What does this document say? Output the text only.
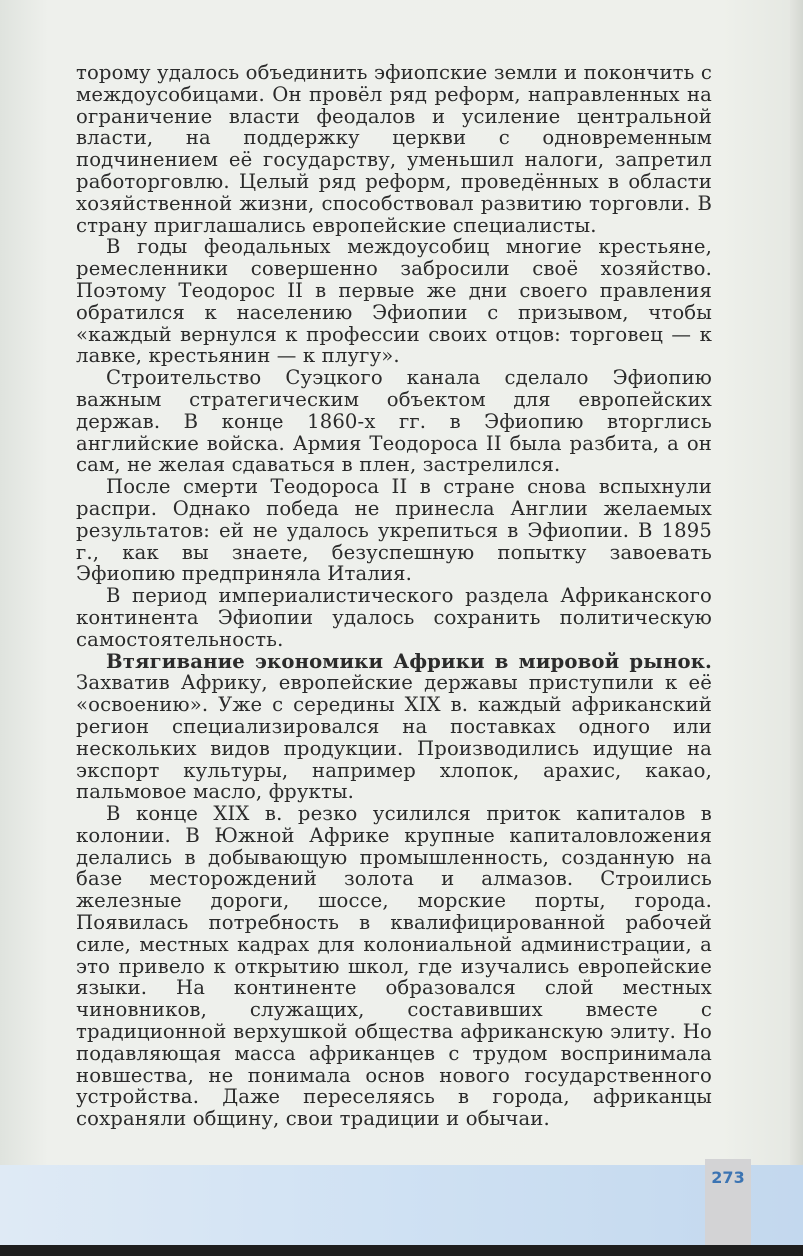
торому удалось объединить эфиопские земли и покончить с междоусобицами. Он провёл ряд реформ, направленных на ограничение власти феодалов и усиление центральной власти, на поддержку церкви с одновременным подчинением её государству, уменьшил налоги, запретил работорговлю. Целый ряд реформ, проведённых в области хозяйственной жизни, способствовал развитию торговли. В страну приглашались европейские специалисты.

В годы феодальных междоусобиц многие крестьяне, ремесленники совершенно забросили своё хозяйство. Поэтому Теодорос II в первые же дни своего правления обратился к населению Эфиопии с призывом, чтобы «каждый вернулся к профессии своих отцов: торговец — к лавке, крестьянин — к плугу».

Строительство Суэцкого канала сделало Эфиопию важным стратегическим объектом для европейских держав. В конце 1860-х гг. в Эфиопию вторглись английские войска. Армия Теодороса II была разбита, а он сам, не желая сдаваться в плен, застрелился.

После смерти Теодороса II в стране снова вспыхнули распри. Однако победа не принесла Англии желаемых результатов: ей не удалось укрепиться в Эфиопии. В 1895 г., как вы знаете, безуспешную попытку завоевать Эфиопию предприняла Италия.

В период империалистического раздела Африканского континента Эфиопии удалось сохранить политическую самостоятельность.

Втягивание экономики Африки в мировой рынок. Захватив Африку, европейские державы приступили к её «освоению». Уже с середины XIX в. каждый африканский регион специализировался на поставках одного или нескольких видов продукции. Производились идущие на экспорт культуры, например хлопок, арахис, какао, пальмовое масло, фрукты.

В конце XIX в. резко усилился приток капиталов в колонии. В Южной Африке крупные капиталовложения делались в добывающую промышленность, созданную на базе месторождений золота и алмазов. Строились железные дороги, шоссе, морские порты, города. Появилась потребность в квалифицированной рабочей силе, местных кадрах для колониальной администрации, а это привело к открытию школ, где изучались европейские языки. На континенте образовался слой местных чиновников, служащих, составивших вместе с традиционной верхушкой общества африканскую элиту. Но подавляющая масса африканцев с трудом воспринимала новшества, не понимала основ нового государственного устройства. Даже переселяясь в города, африканцы сохраняли общину, свои традиции и обычаи.

273
